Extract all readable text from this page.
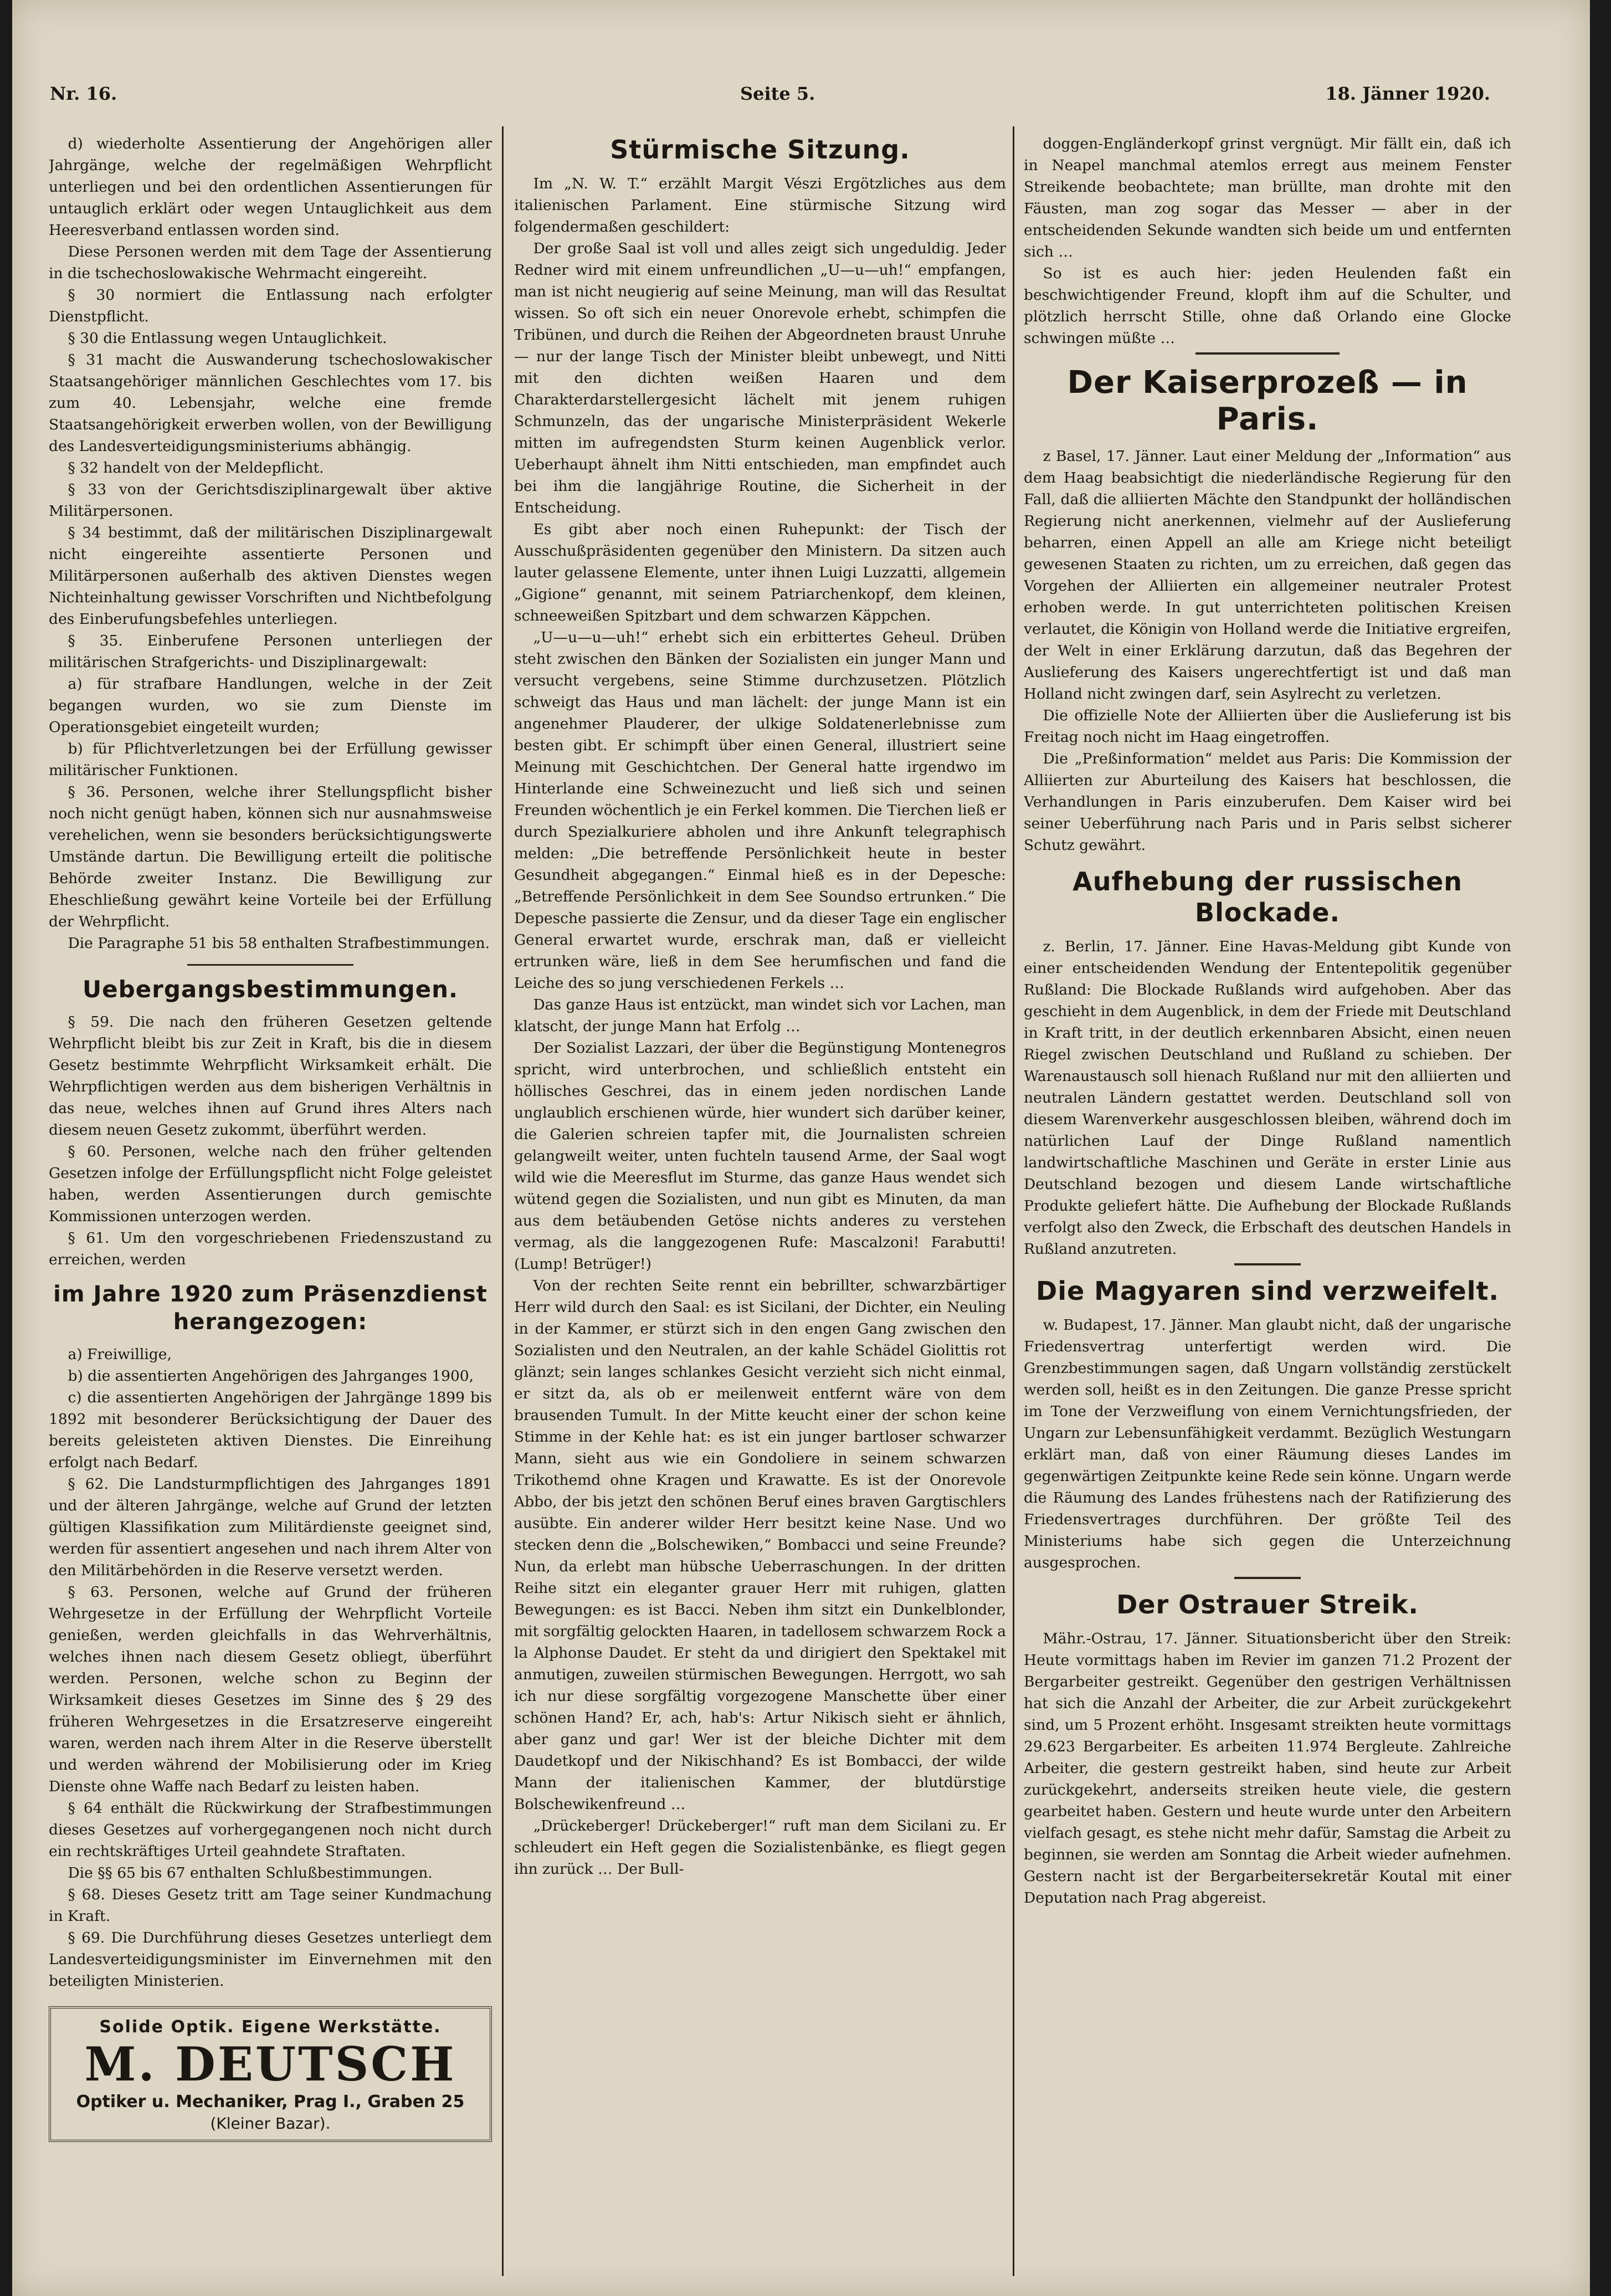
Nr. 16.	Seite 5.	18. Jänner 1920.

d) wiederholte Assentierung der Angehörigen aller Jahrgänge, welche der regelmäßigen Wehrpflicht unterliegen und bei den ordentlichen Assentierungen für untauglich erklärt oder wegen Untauglichkeit aus dem Heeresverband entlassen worden sind.

Diese Personen werden mit dem Tage der Assentierung in die tschechoslowakische Wehrmacht eingereiht.

§ 30 normiert die Entlassung nach erfolgter Dienstpflicht.

§ 30 die Entlassung wegen Untauglichkeit.

§ 31 macht die Auswanderung tschechoslowakischer Staatsangehöriger männlichen Geschlechtes vom 17. bis zum 40. Lebensjahr, welche eine fremde Staatsangehörigkeit erwerben wollen, von der Bewilligung des Landesverteidigungsministeriums abhängig.

§ 32 handelt von der Meldepflicht.

§ 33 von der Gerichtsdisziplinargewalt über aktive Militärpersonen.

§ 34 bestimmt, daß der militärischen Disziplinargewalt nicht eingereihte assentierte Personen und Militärpersonen außerhalb des aktiven Dienstes wegen Nichteinhaltung gewisser Vorschriften und Nichtbefolgung des Einberufungsbefehles unterliegen.

§ 35. Einberufene Personen unterliegen der militärischen Strafgerichts- und Disziplinargewalt:

a) für strafbare Handlungen, welche in der Zeit begangen wurden, wo sie zum Dienste im Operationsgebiet eingeteilt wurden;

b) für Pflichtverletzungen bei der Erfüllung gewisser militärischer Funktionen.

§ 36. Personen, welche ihrer Stellungspflicht bisher noch nicht genügt haben, können sich nur ausnahmsweise verehelichen, wenn sie besonders berücksichtigungswerte Umstände dartun. Die Bewilligung erteilt die politische Behörde zweiter Instanz. Die Bewilligung zur Eheschließung gewährt keine Vorteile bei der Erfüllung der Wehrpflicht.

Die Paragraphe 51 bis 58 enthalten Strafbestimmungen.

Uebergangsbestimmungen.

§ 59. Die nach den früheren Gesetzen geltende Wehrpflicht bleibt bis zur Zeit in Kraft, bis die in diesem Gesetz bestimmte Wehrpflicht Wirksamkeit erhält. Die Wehrpflichtigen werden aus dem bisherigen Verhältnis in das neue, welches ihnen auf Grund ihres Alters nach diesem neuen Gesetz zukommt, überführt werden.

§ 60. Personen, welche nach den früher geltenden Gesetzen infolge der Erfüllungspflicht nicht Folge geleistet haben, werden Assentierungen durch gemischte Kommissionen unterzogen werden.

§ 61. Um den vorgeschriebenen Friedenszustand zu erreichen, werden

im Jahre 1920 zum Präsenzdienst herangezogen:

a) Freiwillige,

b) die assentierten Angehörigen des Jahrganges 1900,

c) die assentierten Angehörigen der Jahrgänge 1899 bis 1892 mit besonderer Berücksichtigung der Dauer des bereits geleisteten aktiven Dienstes. Die Einreihung erfolgt nach Bedarf.

§ 62. Die Landsturmpflichtigen des Jahrganges 1891 und der älteren Jahrgänge, welche auf Grund der letzten gültigen Klassifikation zum Militärdienste geeignet sind, werden für assentiert angesehen und nach ihrem Alter von den Militärbehörden in die Reserve versetzt werden.

§ 63. Personen, welche auf Grund der früheren Wehrgesetze in der Erfüllung der Wehrpflicht Vorteile genießen, werden gleichfalls in das Wehrverhältnis, welches ihnen nach diesem Gesetz obliegt, überführt werden. Personen, welche schon zu Beginn der Wirksamkeit dieses Gesetzes im Sinne des § 29 des früheren Wehrgesetzes in die Ersatzreserve eingereiht waren, werden nach ihrem Alter in die Reserve überstellt und werden während der Mobilisierung oder im Krieg Dienste ohne Waffe nach Bedarf zu leisten haben.

§ 64 enthält die Rückwirkung der Strafbestimmungen dieses Gesetzes auf vorhergegangenen noch nicht durch ein rechtskräftiges Urteil geahndete Straftaten.

Die §§ 65 bis 67 enthalten Schlußbestimmungen.

§ 68. Dieses Gesetz tritt am Tage seiner Kundmachung in Kraft.

§ 69. Die Durchführung dieses Gesetzes unterliegt dem Landesverteidigungsminister im Einvernehmen mit den beteiligten Ministerien.

Solide Optik. Eigene Werkstätte.
M. DEUTSCH
Optiker u. Mechaniker, Prag I., Graben 25
(Kleiner Bazar).
Stürmische Sitzung.

Im „N. W. T.“ erzählt Margit Vészi Ergötzliches aus dem italienischen Parlament. Eine stürmische Sitzung wird folgendermaßen geschildert:

Der große Saal ist voll und alles zeigt sich ungeduldig. Jeder Redner wird mit einem unfreundlichen „U—u—uh!“ empfangen, man ist nicht neugierig auf seine Meinung, man will das Resultat wissen. So oft sich ein neuer Onorevole erhebt, schimpfen die Tribünen, und durch die Reihen der Abgeordneten braust Unruhe — nur der lange Tisch der Minister bleibt unbewegt, und Nitti mit den dichten weißen Haaren und dem Charakterdarstellergesicht lächelt mit jenem ruhigen Schmunzeln, das der ungarische Ministerpräsident Wekerle mitten im aufregendsten Sturm keinen Augenblick verlor. Ueberhaupt ähnelt ihm Nitti entschieden, man empfindet auch bei ihm die langjährige Routine, die Sicherheit in der Entscheidung.

Es gibt aber noch einen Ruhepunkt: der Tisch der Ausschußpräsidenten gegenüber den Ministern. Da sitzen auch lauter gelassene Elemente, unter ihnen Luigi Luzzatti, allgemein „Gigione“ genannt, mit seinem Patriarchenkopf, dem kleinen, schneeweißen Spitzbart und dem schwarzen Käppchen.

„U—u—u—uh!“ erhebt sich ein erbittertes Geheul. Drüben steht zwischen den Bänken der Sozialisten ein junger Mann und versucht vergebens, seine Stimme durchzusetzen. Plötzlich schweigt das Haus und man lächelt: der junge Mann ist ein angenehmer Plauderer, der ulkige Soldatenerlebnisse zum besten gibt. Er schimpft über einen General, illustriert seine Meinung mit Geschichtchen. Der General hatte irgendwo im Hinterlande eine Schweinezucht und ließ sich und seinen Freunden wöchentlich je ein Ferkel kommen. Die Tierchen ließ er durch Spezialkuriere abholen und ihre Ankunft telegraphisch melden: „Die betreffende Persönlichkeit heute in bester Gesundheit abgegangen.“ Einmal hieß es in der Depesche: „Betreffende Persönlichkeit in dem See Soundso ertrunken.“ Die Depesche passierte die Zensur, und da dieser Tage ein englischer General erwartet wurde, erschrak man, daß er vielleicht ertrunken wäre, ließ in dem See herumfischen und fand die Leiche des so jung verschiedenen Ferkels …

Das ganze Haus ist entzückt, man windet sich vor Lachen, man klatscht, der junge Mann hat Erfolg …

Der Sozialist Lazzari, der über die Begünstigung Montenegros spricht, wird unterbrochen, und schließlich entsteht ein höllisches Geschrei, das in einem jeden nordischen Lande unglaublich erschienen würde, hier wundert sich darüber keiner, die Galerien schreien tapfer mit, die Journalisten schreien gelangweilt weiter, unten fuchteln tausend Arme, der Saal wogt wild wie die Meeresflut im Sturme, das ganze Haus wendet sich wütend gegen die Sozialisten, und nun gibt es Minuten, da man aus dem betäubenden Getöse nichts anderes zu verstehen vermag, als die langgezogenen Rufe: Mascalzoni! Farabutti! (Lump! Betrüger!)

Von der rechten Seite rennt ein bebrillter, schwarzbärtiger Herr wild durch den Saal: es ist Sicilani, der Dichter, ein Neuling in der Kammer, er stürzt sich in den engen Gang zwischen den Sozialisten und den Neutralen, an der kahle Schädel Giolittis rot glänzt; sein langes schlankes Gesicht verzieht sich nicht einmal, er sitzt da, als ob er meilenweit entfernt wäre von dem brausenden Tumult. In der Mitte keucht einer der schon keine Stimme in der Kehle hat: es ist ein junger bartloser schwarzer Mann, sieht aus wie ein Gondoliere in seinem schwarzen Trikothemd ohne Kragen und Krawatte. Es ist der Onorevole Abbo, der bis jetzt den schönen Beruf eines braven Gargtischlers ausübte. Ein anderer wilder Herr besitzt keine Nase. Und wo stecken denn die „Bolschewiken,“ Bombacci und seine Freunde? Nun, da erlebt man hübsche Ueberraschungen. In der dritten Reihe sitzt ein eleganter grauer Herr mit ruhigen, glatten Bewegungen: es ist Bacci. Neben ihm sitzt ein Dunkelblonder, mit sorgfältig gelockten Haaren, in tadellosem schwarzem Rock a la Alphonse Daudet. Er steht da und dirigiert den Spektakel mit anmutigen, zuweilen stürmischen Bewegungen. Herrgott, wo sah ich nur diese sorgfältig vorgezogene Manschette über einer schönen Hand? Er, ach, hab's: Artur Nikisch sieht er ähnlich, aber ganz und gar! Wer ist der bleiche Dichter mit dem Daudetkopf und der Nikischhand? Es ist Bombacci, der wilde Mann der italienischen Kammer, der blutdürstige Bolschewikenfreund …

„Drückeberger! Drückeberger!“ ruft man dem Sicilani zu. Er schleudert ein Heft gegen die Sozialistenbänke, es fliegt gegen ihn zurück … Der Bull-

doggen-Engländerkopf grinst vergnügt. Mir fällt ein, daß ich in Neapel manchmal atemlos erregt aus meinem Fenster Streikende beobachtete; man brüllte, man drohte mit den Fäusten, man zog sogar das Messer — aber in der entscheidenden Sekunde wandten sich beide um und entfernten sich …

So ist es auch hier: jeden Heulenden faßt ein beschwichtigender Freund, klopft ihm auf die Schulter, und plötzlich herrscht Stille, ohne daß Orlando eine Glocke schwingen müßte …

Der Kaiserprozeß — in Paris.

z Basel, 17. Jänner. Laut einer Meldung der „Information“ aus dem Haag beabsichtigt die niederländische Regierung für den Fall, daß die alliierten Mächte den Standpunkt der holländischen Regierung nicht anerkennen, vielmehr auf der Auslieferung beharren, einen Appell an alle am Kriege nicht beteiligt gewesenen Staaten zu richten, um zu erreichen, daß gegen das Vorgehen der Alliierten ein allgemeiner neutraler Protest erhoben werde. In gut unterrichteten politischen Kreisen verlautet, die Königin von Holland werde die Initiative ergreifen, der Welt in einer Erklärung darzutun, daß das Begehren der Auslieferung des Kaisers ungerechtfertigt ist und daß man Holland nicht zwingen darf, sein Asylrecht zu verletzen.

Die offizielle Note der Alliierten über die Auslieferung ist bis Freitag noch nicht im Haag eingetroffen.

Die „Preßinformation“ meldet aus Paris: Die Kommission der Alliierten zur Aburteilung des Kaisers hat beschlossen, die Verhandlungen in Paris einzuberufen. Dem Kaiser wird bei seiner Ueberführung nach Paris und in Paris selbst sicherer Schutz gewährt.

Aufhebung der russischen Blockade.

z. Berlin, 17. Jänner. Eine Havas-Meldung gibt Kunde von einer entscheidenden Wendung der Ententepolitik gegenüber Rußland: Die Blockade Rußlands wird aufgehoben. Aber das geschieht in dem Augenblick, in dem der Friede mit Deutschland in Kraft tritt, in der deutlich erkennbaren Absicht, einen neuen Riegel zwischen Deutschland und Rußland zu schieben. Der Warenaustausch soll hienach Rußland nur mit den alliierten und neutralen Ländern gestattet werden. Deutschland soll von diesem Warenverkehr ausgeschlossen bleiben, während doch im natürlichen Lauf der Dinge Rußland namentlich landwirtschaftliche Maschinen und Geräte in erster Linie aus Deutschland bezogen und diesem Lande wirtschaftliche Produkte geliefert hätte. Die Aufhebung der Blockade Rußlands verfolgt also den Zweck, die Erbschaft des deutschen Handels in Rußland anzutreten.

Die Magyaren sind verzweifelt.

w. Budapest, 17. Jänner. Man glaubt nicht, daß der ungarische Friedensvertrag unterfertigt werden wird. Die Grenzbestimmungen sagen, daß Ungarn vollständig zerstückelt werden soll, heißt es in den Zeitungen. Die ganze Presse spricht im Tone der Verzweiflung von einem Vernichtungsfrieden, der Ungarn zur Lebensunfähigkeit verdammt. Bezüglich Westungarn erklärt man, daß von einer Räumung dieses Landes im gegenwärtigen Zeitpunkte keine Rede sein könne. Ungarn werde die Räumung des Landes frühestens nach der Ratifizierung des Friedensvertrages durchführen. Der größte Teil des Ministeriums habe sich gegen die Unterzeichnung ausgesprochen.

Der Ostrauer Streik.

Mähr.-Ostrau, 17. Jänner. Situationsbericht über den Streik: Heute vormittags haben im Revier im ganzen 71.2 Prozent der Bergarbeiter gestreikt. Gegenüber den gestrigen Verhältnissen hat sich die Anzahl der Arbeiter, die zur Arbeit zurückgekehrt sind, um 5 Prozent erhöht. Insgesamt streikten heute vormittags 29.623 Bergarbeiter. Es arbeiten 11.974 Bergleute. Zahlreiche Arbeiter, die gestern gestreikt haben, sind heute zur Arbeit zurückgekehrt, anderseits streiken heute viele, die gestern gearbeitet haben. Gestern und heute wurde unter den Arbeitern vielfach gesagt, es stehe nicht mehr dafür, Samstag die Arbeit zu beginnen, sie werden am Sonntag die Arbeit wieder aufnehmen. Gestern nacht ist der Bergarbeitersekretär Koutal mit einer Deputation nach Prag abgereist.
